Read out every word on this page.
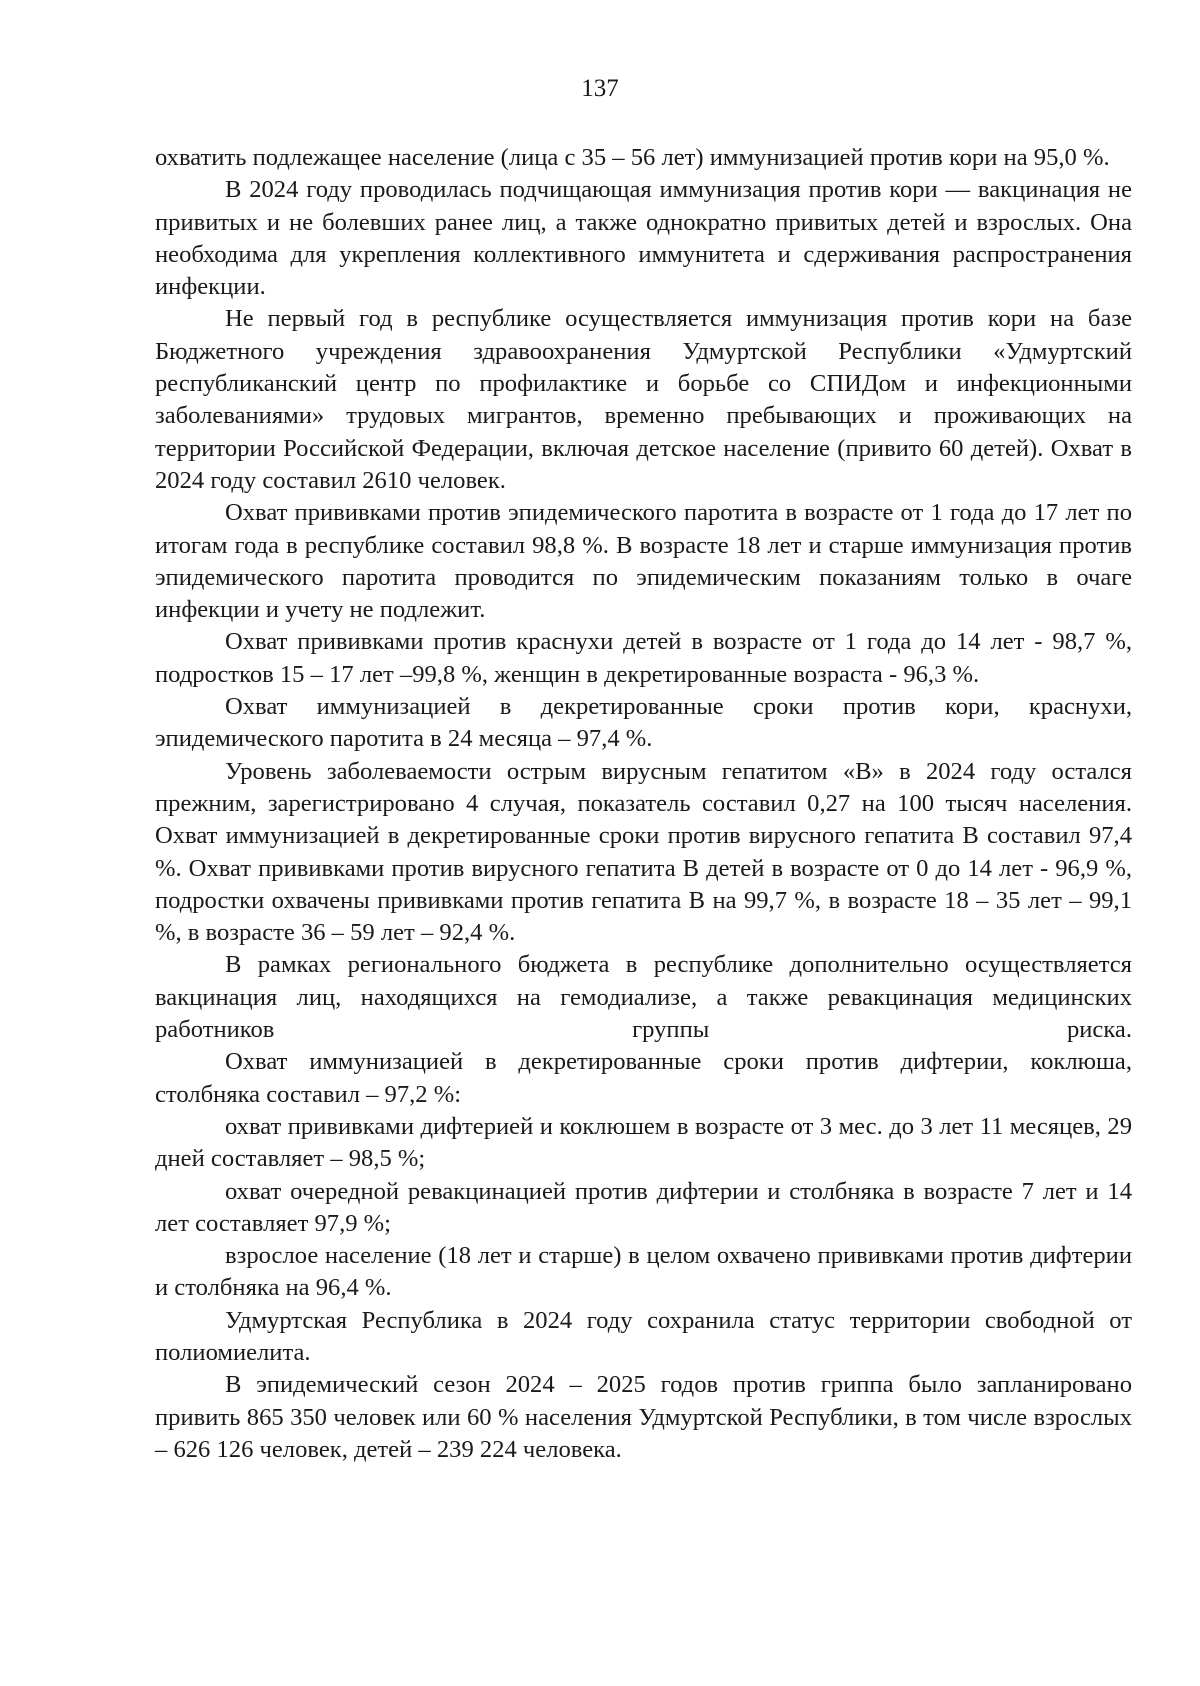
137

охватить подлежащее население (лица с 35 – 56 лет) иммунизацией против кори на 95,0 %.

В 2024 году проводилась подчищающая иммунизация против кори — вакцинация не привитых и не болевших ранее лиц, а также однократно привитых детей и взрослых. Она необходима для укрепления коллективного иммунитета и сдерживания распространения инфекции.

Не первый год в республике осуществляется иммунизация против кори на базе Бюджетного учреждения здравоохранения Удмуртской Республики «Удмуртский республиканский центр по профилактике и борьбе со СПИДом и инфекционными заболеваниями» трудовых мигрантов, временно пребывающих и проживающих на территории Российской Федерации, включая детское население (привито 60 детей). Охват в 2024 году составил 2610 человек.

Охват прививками против эпидемического паротита в возрасте от 1 года до 17 лет по итогам года в республике составил 98,8 %. В возрасте 18 лет и старше иммунизация против эпидемического паротита проводится по эпидемическим показаниям только в очаге инфекции и учету не подлежит.

Охват прививками против краснухи детей в возрасте от 1 года до 14 лет - 98,7 %, подростков 15 – 17 лет –99,8 %, женщин в декретированные возраста - 96,3 %.

Охват иммунизацией в декретированные сроки против кори, краснухи, эпидемического паротита в 24 месяца – 97,4 %.

Уровень заболеваемости острым вирусным гепатитом «В» в 2024 году остался прежним, зарегистрировано 4 случая, показатель составил 0,27 на 100 тысяч населения. Охват иммунизацией в декретированные сроки против вирусного гепатита В составил 97,4 %. Охват прививками против вирусного гепатита В детей в возрасте от 0 до 14 лет - 96,9 %, подростки охвачены прививками против гепатита В на 99,7 %, в возрасте 18 – 35 лет – 99,1 %, в возрасте 36 – 59 лет – 92,4 %.

В рамках регионального бюджета в республике дополнительно осуществляется вакцинация лиц, находящихся на гемодиализе, а также ревакцинация медицинских работников группы риска.

Охват иммунизацией в декретированные сроки против дифтерии, коклюша, столбняка составил – 97,2 %:

охват прививками дифтерией и коклюшем в возрасте от 3 мес. до 3 лет 11 месяцев, 29 дней составляет – 98,5 %;

охват очередной ревакцинацией против дифтерии и столбняка в возрасте 7 лет и 14 лет составляет 97,9 %;

взрослое население (18 лет и старше) в целом охвачено прививками против дифтерии и столбняка на 96,4 %.

Удмуртская Республика в 2024 году сохранила статус территории свободной от полиомиелита.

В эпидемический сезон 2024 – 2025 годов против гриппа было запланировано привить 865 350 человек или 60 % населения Удмуртской Республики, в том числе взрослых – 626 126 человек, детей – 239 224 человека.
